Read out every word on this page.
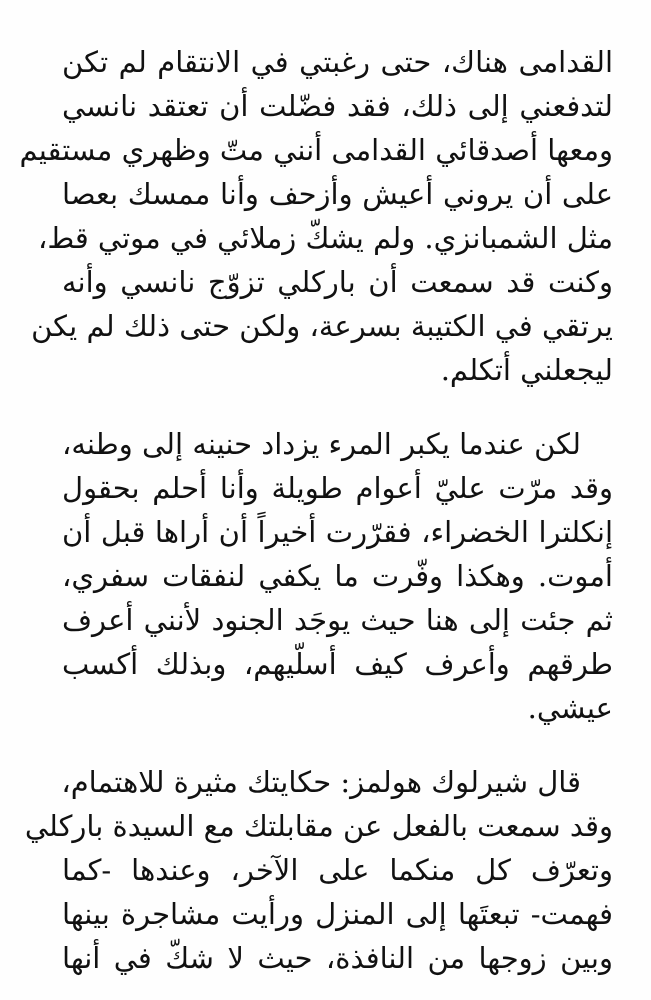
القدامى هناك، حتى رغبتي في الانتقام لم تكن
لتدفعني إلى ذلك، فقد فضّلت أن تعتقد نانسي
ومعها أصدقائي القدامى أنني متّ وظهري مستقيم
على أن يروني أعيش وأزحف وأنا ممسك بعصا
مثل الشمبانزي. ولم يشكّ زملائي في موتي قط،
وكنت قد سمعت أن باركلي تزوّج نانسي وأنه
يرتقي في الكتيبة بسرعة، ولكن حتى ذلك لم يكن
ليجعلني أتكلم.
لكن عندما يكبر المرء يزداد حنينه إلى وطنه،
وقد مرّت عليّ أعوام طويلة وأنا أحلم بحقول
إنكلترا الخضراء، فقرّرت أخيراً أن أراها قبل أن
أموت. وهكذا وفّرت ما يكفي لنفقات سفري،
ثم جئت إلى هنا حيث يوجَد الجنود لأنني أعرف
طرقهم وأعرف كيف أسلّيهم، وبذلك أكسب
عيشي.
قال شيرلوك هولمز: حكايتك مثيرة للاهتمام،
وقد سمعت بالفعل عن مقابلتك مع السيدة باركلي
وتعرّف كل منكما على الآخر، وعندها -كما
فهمت- تبعتَها إلى المنزل ورأيت مشاجرة بينها
وبين زوجها من النافذة، حيث لا شكّ في أنها
